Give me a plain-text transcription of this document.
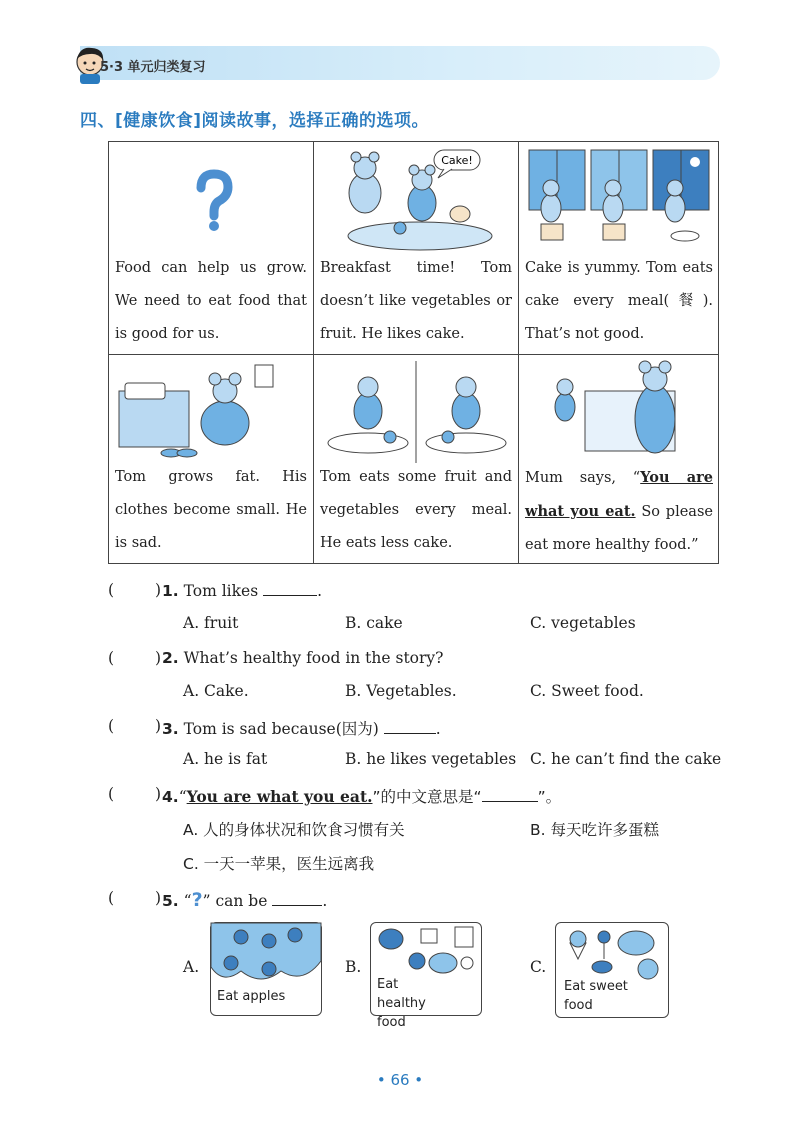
5·3 单元归类复习
四、[健康饮食]阅读故事，选择正确的选项。
Food can help us grow. We need to eat food that is good for us.
Cake!
Breakfast time! Tom doesn’t like vegetables or fruit. He likes cake.
Cake is yummy. Tom eats cake every meal(餐). That’s not good.
Tom grows fat. His clothes become small. He is sad.
Tom eats some fruit and vegetables every meal. He eats less cake.
Mum says, “You are what you eat. So please eat more healthy food.”
(	) 1. Tom likes	.
A. fruit	B. cake	C. vegetables
(	) 2. What’s healthy food in the story?
A. Cake.	B. Vegetables.	C. Sweet food.
(	) 3. Tom is sad because(因为)	.
A. he is fat	B. he likes vegetables C. he can’t find the cake
(	) 4.“You are what you eat.”的中文意思是“	”。
A. 人的身体状况和饮食习惯有关	B. 每天吃许多蛋糕
C. 一天一苹果，医生远离我
(	) 5. “?” can be	.
A.
Eat apples
B.
Eat healthy food
C.
Eat sweet food
• 66 •
